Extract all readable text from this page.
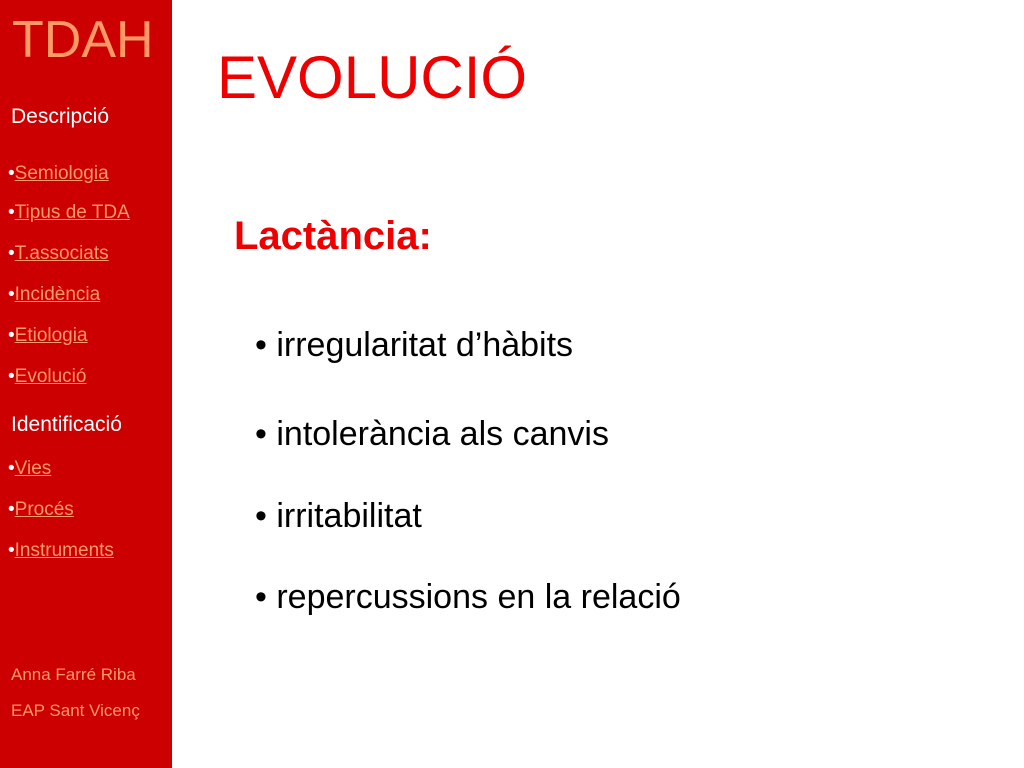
TDAH
Descripció
•Semiologia
•Tipus de TDA
•T.associats
•Incidència
•Etiologia
•Evolució
Identificació
•Vies
•Procés
•Instruments
Anna Farré Riba
EAP Sant Vicenç
EVOLUCIÓ
Lactància:
• irregularitat d’hàbits
• intolerància als canvis
• irritabilitat
• repercussions en la relació
